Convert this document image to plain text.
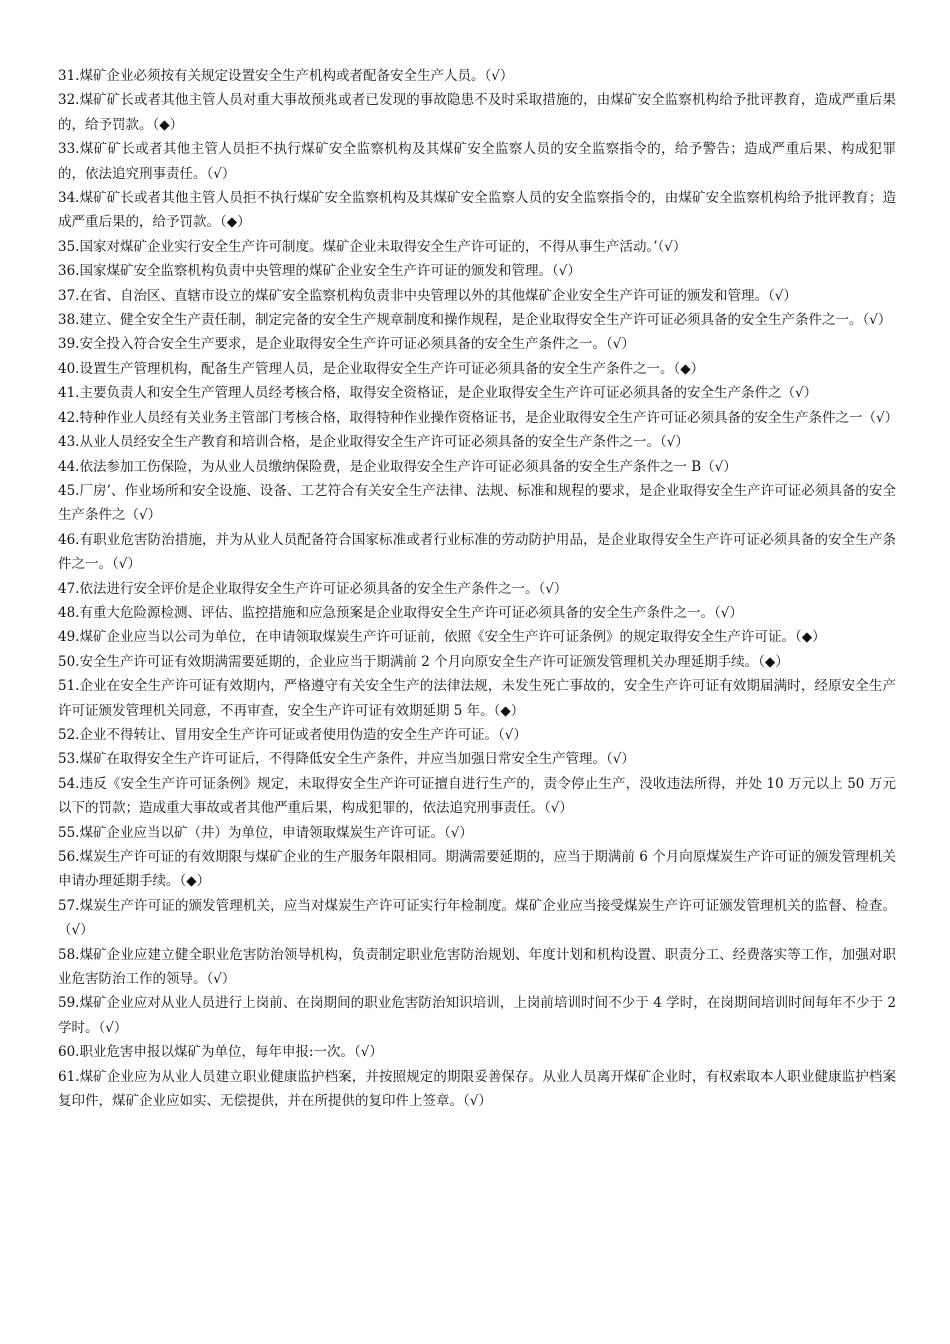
31.煤矿企业必须按有关规定设置安全生产机构或者配备安全生产人员。（√）

32.煤矿矿长或者其他主管人员对重大事故预兆或者已发现的事故隐患不及时采取措施的，由煤矿安全监察机构给予批评教育，造成严重后果的，给予罚款。（◆）

33.煤矿矿长或者其他主管人员拒不执行煤矿安全监察机构及其煤矿安全监察人员的安全监察指令的，给予警告；造成严重后果、构成犯罪的，依法追究刑事责任。（√）

34.煤矿矿长或者其他主管人员拒不执行煤矿安全监察机构及其煤矿安全监察人员的安全监察指令的，由煤矿安全监察机构给予批评教育；造成严重后果的，给予罚款。（◆）

35.国家对煤矿企业实行安全生产许可制度。煤矿企业未取得安全生产许可证的，不得从事生产活动。’（√）

36.国家煤矿安全监察机构负责中央管理的煤矿企业安全生产许可证的颁发和管理。（√）

37.在省、自治区、直辖市设立的煤矿安全监察机构负责非中央管理以外的其他煤矿企业安全生产许可证的颁发和管理。（√）

38.建立、健全安全生产责任制，制定完备的安全生产规章制度和操作规程，是企业取得安全生产许可证必须具备的安全生产条件之一。（√）

39.安全投入符合安全生产要求，是企业取得安全生产许可证必须具备的安全生产条件之一。（√）

40.设置生产管理机构，配备生产管理人员，是企业取得安全生产许可证必须具备的安全生产条件之一。（◆）

41.主要负责人和安全生产管理人员经考核合格，取得安全资格证，是企业取得安全生产许可证必须具备的安全生产条件之（√）

42.特种作业人员经有关业务主管部门考核合格，取得特种作业操作资格证书，是企业取得安全生产许可证必须具备的安全生产条件之一（√）

43.从业人员经安全生产教育和培训合格，是企业取得安全生产许可证必须具备的安全生产条件之一。（√）

44.依法参加工伤保险，为从业人员缴纳保险费，是企业取得安全生产许可证必须具备的安全生产条件之一 B（√）

45.厂房’、作业场所和安全设施、设备、工艺符合有关安全生产法律、法规、标准和规程的要求，是企业取得安全生产许可证必须具备的安全生产条件之（√）

46.有职业危害防治措施，并为从业人员配备符合国家标准或者行业标准的劳动防护用品，是企业取得安全生产许可证必须具备的安全生产条件之一。（√）

47.依法进行安全评价是企业取得安全生产许可证必须具备的安全生产条件之一。（√）

48.有重大危险源检测、评估、监控措施和应急预案是企业取得安全生产许可证必须具备的安全生产条件之一。（√）

49.煤矿企业应当以公司为单位，在申请领取煤炭生产许可证前，依照《安全生产许可证条例》的规定取得安全生产许可证。（◆）

50.安全生产许可证有效期满需要延期的，企业应当于期满前 2 个月向原安全生产许可证颁发管理机关办理延期手续。（◆）

51.企业在安全生产许可证有效期内，严格遵守有关安全生产的法律法规，未发生死亡事故的，安全生产许可证有效期届满时，经原安全生产许可证颁发管理机关同意，不再审查，安全生产许可证有效期延期 5 年。（◆）

52.企业不得转让、冒用安全生产许可证或者使用伪造的安全生产许可证。（√）

53.煤矿在取得安全生产许可证后，不得降低安全生产条件，并应当加强日常安全生产管理。（√）

54.违反《安全生产许可证条例》规定，未取得安全生产许可证擅自进行生产的，责令停止生产，没收违法所得，并处 10 万元以上 50 万元以下的罚款；造成重大事故或者其他严重后果，构成犯罪的，依法追究刑事责任。（√）

55.煤矿企业应当以矿（井）为单位，申请领取煤炭生产许可证。（√）

56.煤炭生产许可证的有效期限与煤矿企业的生产服务年限相同。期满需要延期的，应当于期满前 6 个月向原煤炭生产许可证的颁发管理机关申请办理延期手续。（◆）

57.煤炭生产许可证的颁发管理机关，应当对煤炭生产许可证实行年检制度。煤矿企业应当接受煤炭生产许可证颁发管理机关的监督、检查。（√）

58.煤矿企业应建立健全职业危害防治领导机构，负责制定职业危害防治规划、年度计划和机构设置、职责分工、经费落实等工作，加强对职业危害防治工作的领导。（√）

59.煤矿企业应对从业人员进行上岗前、在岗期间的职业危害防治知识培训，上岗前培训时间不少于 4 学时，在岗期间培训时间每年不少于 2 学时。（√）

60.职业危害申报以煤矿为单位，每年申报:一次。（√）

61.煤矿企业应为从业人员建立职业健康监护档案，并按照规定的期限妥善保存。从业人员离开煤矿企业时，有权索取本人职业健康监护档案复印件，煤矿企业应如实、无偿提供，并在所提供的复印件上签章。（√）
